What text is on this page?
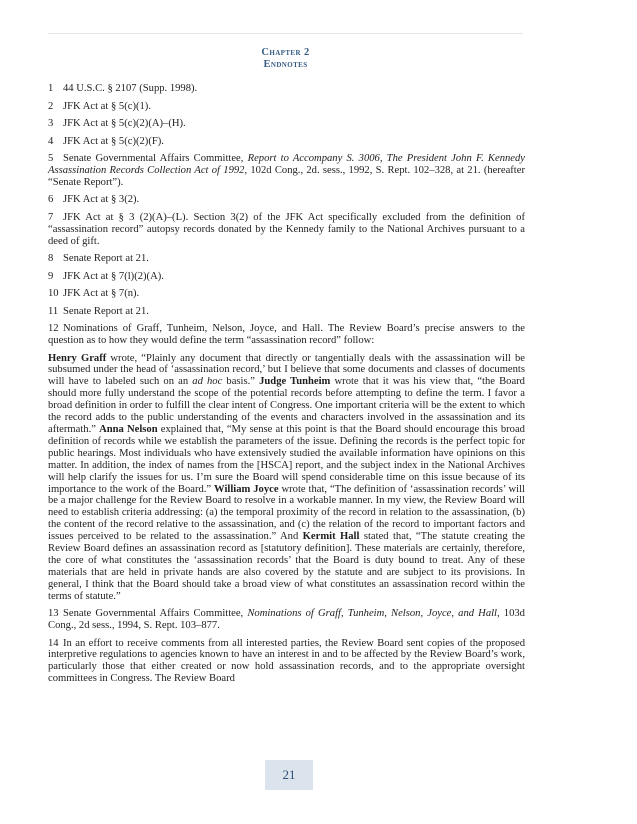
Chapter 2
Endnotes
1 44 U.S.C. § 2107 (Supp. 1998).
2 JFK Act at § 5(c)(1).
3 JFK Act at § 5(c)(2)(A)–(H).
4 JFK Act at § 5(c)(2)(F).
5 Senate Governmental Affairs Committee, Report to Accompany S. 3006, The President John F. Kennedy Assassination Records Collection Act of 1992, 102d Cong., 2d. sess., 1992, S. Rept. 102–328, at 21. (hereafter “Senate Report”).
6 JFK Act at § 3(2).
7 JFK Act at § 3 (2)(A)–(L). Section 3(2) of the JFK Act specifically excluded from the definition of “assassination record” autopsy records donated by the Kennedy family to the National Archives pursuant to a deed of gift.
8 Senate Report at 21.
9 JFK Act at § 7(l)(2)(A).
10 JFK Act at § 7(n).
11 Senate Report at 21.
12 Nominations of Graff, Tunheim, Nelson, Joyce, and Hall. The Review Board’s precise answers to the question as to how they would define the term “assassination record” follow:

Henry Graff wrote, “Plainly any document that directly or tangentially deals with the assassination will be subsumed under the head of ‘assassination record,’ but I believe that some documents and classes of documents will have to labeled such on an ad hoc basis.” Judge Tunheim wrote that it was his view that, “the Board should more fully understand the scope of the potential records before attempting to define the term. I favor a broad definition in order to fulfill the clear intent of Congress. One important criteria will be the extent to which the record adds to the public understanding of the events and characters involved in the assassination and its aftermath.” Anna Nelson explained that, “My sense at this point is that the Board should encourage this broad definition of records while we establish the parameters of the issue. Defining the records is the perfect topic for public hearings. Most individuals who have extensively studied the available information have opinions on this matter. In addition, the index of names from the [HSCA] report, and the subject index in the National Archives will help clarify the issues for us. I’m sure the Board will spend considerable time on this issue because of its importance to the work of the Board.” William Joyce wrote that, “The definition of ‘assassination records’ will be a major challenge for the Review Board to resolve in a workable manner. In my view, the Review Board will need to establish criteria addressing: (a) the temporal proximity of the record in relation to the assassination, (b) the content of the record relative to the assassination, and (c) the relation of the record to important factors and issues perceived to be related to the assassination.” And Kermit Hall stated that, “The statute creating the Review Board defines an assassination record as [statutory definition]. These materials are certainly, therefore, the core of what constitutes the ‘assassination records’ that the Board is duty bound to treat. Any of these materials that are held in private hands are also covered by the statute and are subject to its provisions. In general, I think that the Board should take a broad view of what constitutes an assassination record within the terms of statute.”

13 Senate Governmental Affairs Committee, Nominations of Graff, Tunheim, Nelson, Joyce, and Hall, 103d Cong., 2d sess., 1994, S. Rept. 103–877.
14 In an effort to receive comments from all interested parties, the Review Board sent copies of the proposed interpretive regulations to agencies known to have an interest in and to be affected by the Review Board’s work, particularly those that either created or now hold assassination records, and to the appropriate oversight committees in Congress. The Review Board
21
